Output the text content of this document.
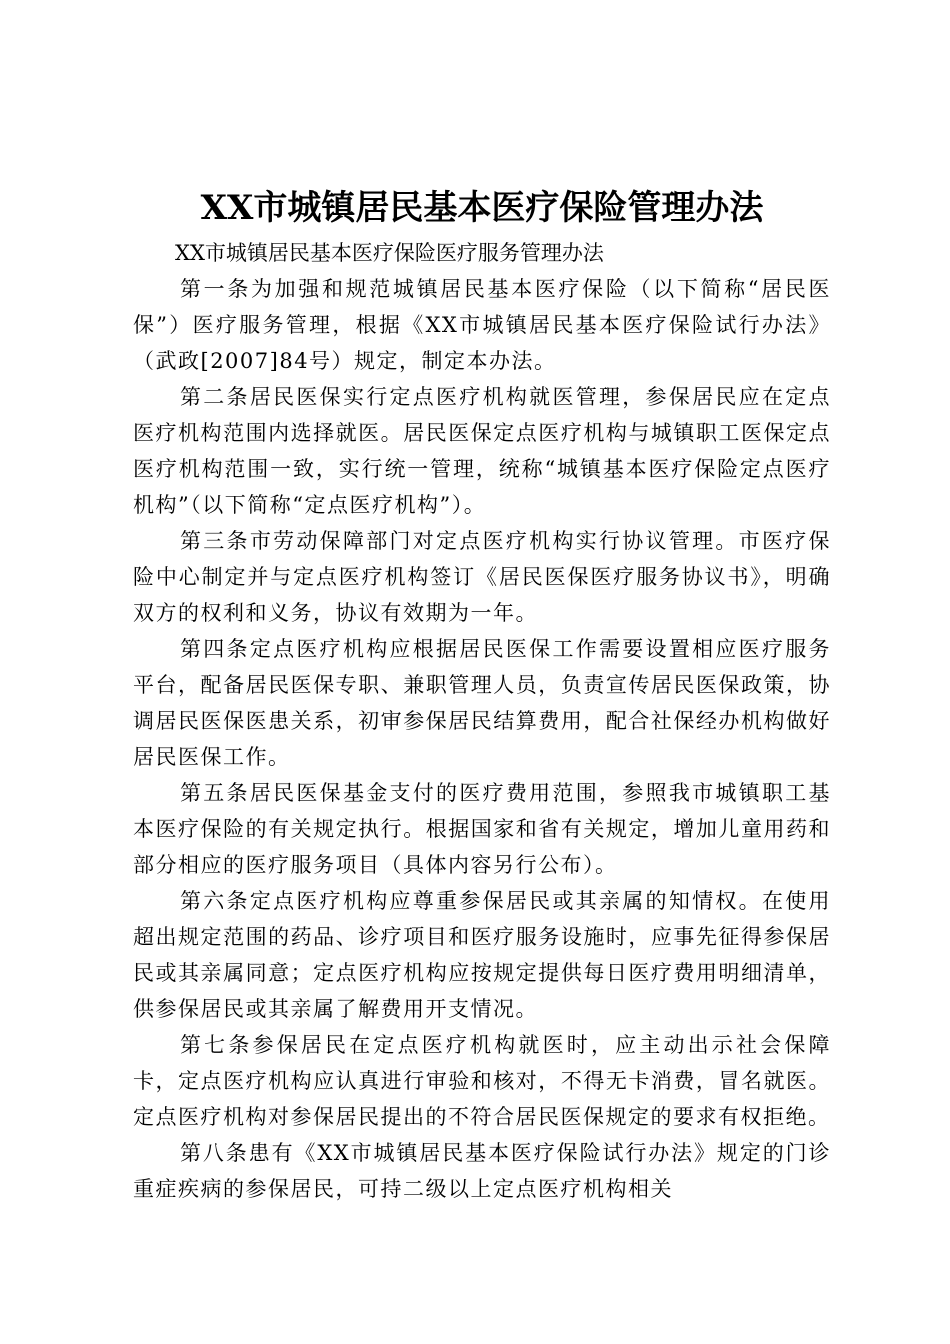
XX市城镇居民基本医疗保险管理办法

XX市城镇居民基本医疗保险医疗服务管理办法

第一条为加强和规范城镇居民基本医疗保险（以下简称“居民医保”）医疗服务管理，根据《XX市城镇居民基本医疗保险试行办法》（武政[2007]84号）规定，制定本办法。

第二条居民医保实行定点医疗机构就医管理，参保居民应在定点医疗机构范围内选择就医。居民医保定点医疗机构与城镇职工医保定点医疗机构范围一致，实行统一管理，统称“城镇基本医疗保险定点医疗机构”（以下简称“定点医疗机构”）。

第三条市劳动保障部门对定点医疗机构实行协议管理。市医疗保险中心制定并与定点医疗机构签订《居民医保医疗服务协议书》，明确双方的权利和义务，协议有效期为一年。

第四条定点医疗机构应根据居民医保工作需要设置相应医疗服务平台，配备居民医保专职、兼职管理人员，负责宣传居民医保政策，协调居民医保医患关系，初审参保居民结算费用，配合社保经办机构做好居民医保工作。

第五条居民医保基金支付的医疗费用范围，参照我市城镇职工基本医疗保险的有关规定执行。根据国家和省有关规定，增加儿童用药和部分相应的医疗服务项目（具体内容另行公布）。

第六条定点医疗机构应尊重参保居民或其亲属的知情权。在使用超出规定范围的药品、诊疗项目和医疗服务设施时，应事先征得参保居民或其亲属同意；定点医疗机构应按规定提供每日医疗费用明细清单，供参保居民或其亲属了解费用开支情况。

第七条参保居民在定点医疗机构就医时，应主动出示社会保障卡，定点医疗机构应认真进行审验和核对，不得无卡消费，冒名就医。定点医疗机构对参保居民提出的不符合居民医保规定的要求有权拒绝。

第八条患有《XX市城镇居民基本医疗保险试行办法》规定的门诊重症疾病的参保居民，可持二级以上定点医疗机构相关
